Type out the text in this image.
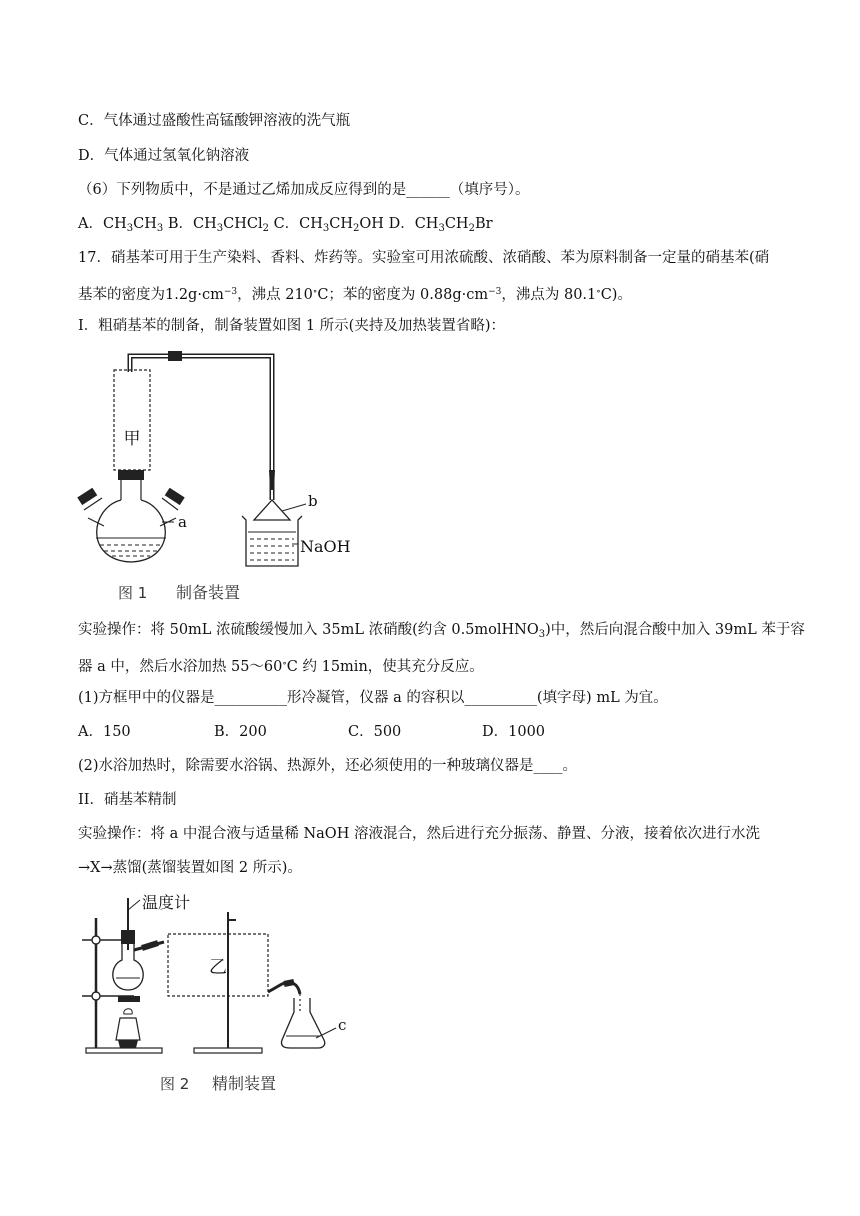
C．气体通过盛酸性高锰酸钾溶液的洗气瓶
D．气体通过氢氧化钠溶液
（6）下列物质中，不是通过乙烯加成反应得到的是______（填序号）。
A．$CH_3CH_3$ B．$CH_3CHCl_2$ C．$CH_3CH_2OH$ D．$CH_3CH_2Br$
17．硝基苯可用于生产染料、香料、炸药等。实验室可用浓硫酸、浓硝酸、苯为原料制备一定量的硝基苯(硝
基苯的密度为$1.2g\cdot cm^{-3}$，沸点 210∘C；苯的密度为 $0.88g\cdot cm^{-3}$，沸点为 80.1∘C)。
I．粗硝基苯的制备，制备装置如图 1 所示(夹持及加热装置省略)：
甲
a
b
NaOH
图 1 制备装置
实验操作：将 50mL 浓硫酸缓慢加入 35mL 浓硝酸(约含 0.5molHNO$_3$)中，然后向混合酸中加入 39mL 苯于容
器 a 中，然后水浴加热 55～60∘C 约 15min，使其充分反应。
(1)方框甲中的仪器是__________形冷凝管，仪器 a 的容积以__________(填字母) mL 为宜。
A．150	B．200	C．500	D．1000
(2)水浴加热时，除需要水浴锅、热源外，还必须使用的一种玻璃仪器是____。
II．硝基苯精制
实验操作：将 a 中混合液与适量稀 NaOH 溶液混合，然后进行充分振荡、静置、分液，接着依次进行水洗
→X→蒸馏(蒸馏装置如图 2 所示)。
温度计
乙
c
图 2 精制装置
